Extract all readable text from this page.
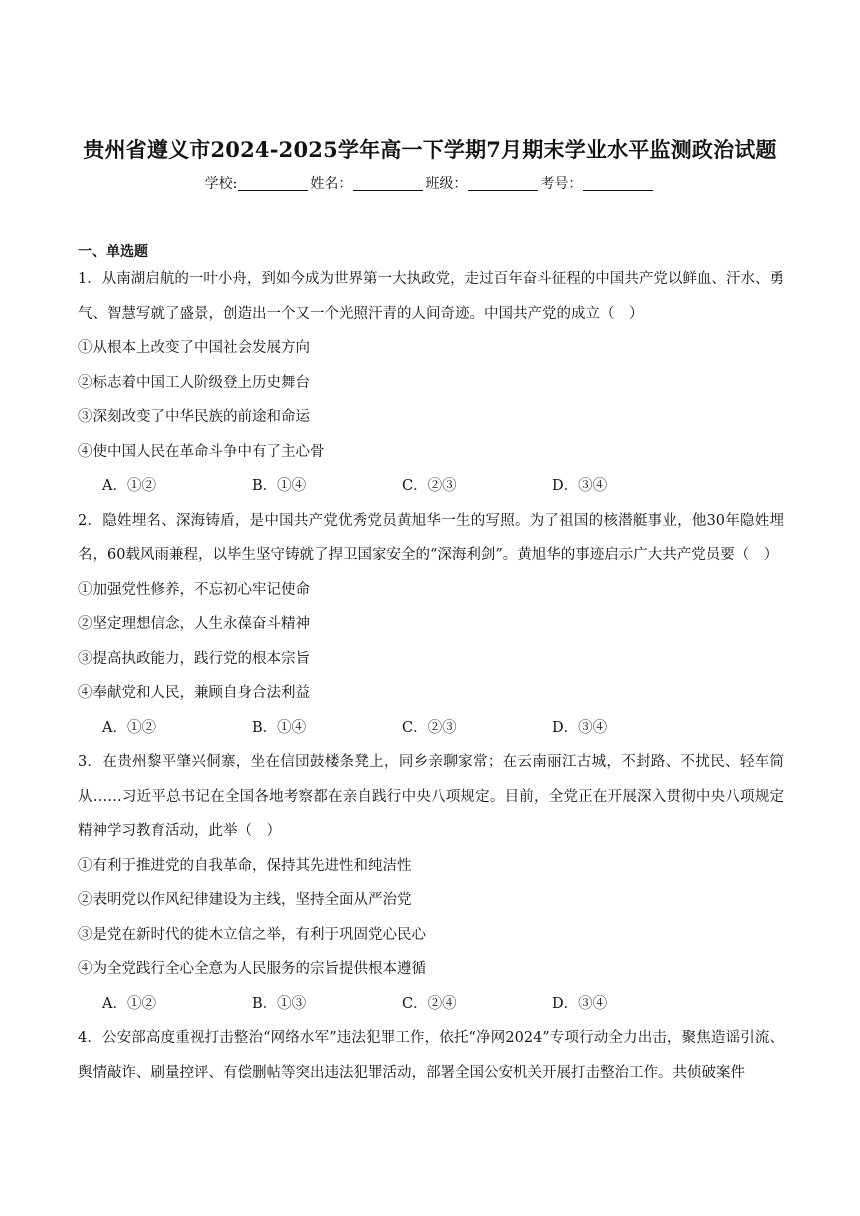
贵州省遵义市2024-2025学年高一下学期7月期末学业水平监测政治试题
学校:	姓名：	班级：	考号：
一、单选题
1．从南湖启航的一叶小舟，到如今成为世界第一大执政党，走过百年奋斗征程的中国共产党以鲜血、汗水、勇气、智慧写就了盛景，创造出一个又一个光照汗青的人间奇迹。中国共产党的成立（　）
①从根本上改变了中国社会发展方向
②标志着中国工人阶级登上历史舞台
③深刻改变了中华民族的前途和命运
④使中国人民在革命斗争中有了主心骨
A．①②	B．①④	C．②③	D．③④
2．隐姓埋名、深海铸盾，是中国共产党优秀党员黄旭华一生的写照。为了祖国的核潜艇事业，他30年隐姓埋名，60载风雨兼程，以毕生坚守铸就了捍卫国家安全的“深海利剑”。黄旭华的事迹启示广大共产党员要（　）
①加强党性修养，不忘初心牢记使命
②坚定理想信念，人生永葆奋斗精神
③提高执政能力，践行党的根本宗旨
④奉献党和人民，兼顾自身合法利益
A．①②	B．①④	C．②③	D．③④
3．在贵州黎平肇兴侗寨，坐在信団鼓楼条凳上，同乡亲聊家常；在云南丽江古城，不封路、不扰民、轻车简从……习近平总书记在全国各地考察都在亲自践行中央八项规定。目前，全党正在开展深入贯彻中央八项规定精神学习教育活动，此举（　）
①有利于推进党的自我革命，保持其先进性和纯洁性
②表明党以作风纪律建设为主线，坚持全面从严治党
③是党在新时代的徙木立信之举，有利于巩固党心民心
④为全党践行全心全意为人民服务的宗旨提供根本遵循
A．①②	B．①③	C．②④	D．③④
4．公安部高度重视打击整治“网络水军”违法犯罪工作，依托“净网2024”专项行动全力出击，聚焦造谣引流、舆情敲诈、刷量控评、有偿删帖等突出违法犯罪活动，部署全国公安机关开展打击整治工作。共侦破案件
